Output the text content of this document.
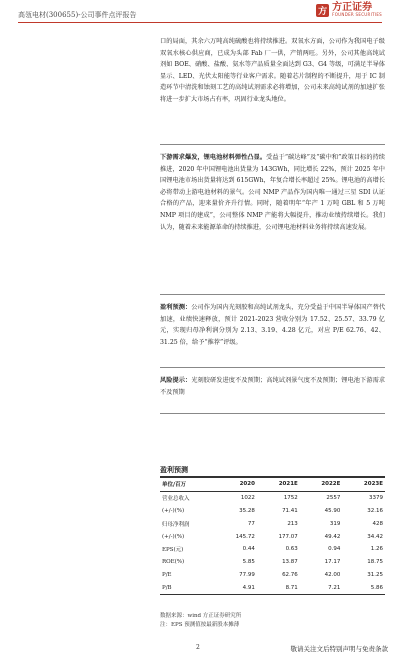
高瓴电材(300655)-公司事件点评报告	方 方正证券
FOUNDER SECURITIES
口的局面，其余六万吨高纯硫酸也将持续推进。双氧水方面，公司作为我国电子级双氧水核心供应商，已成为头部 Fab 厂一供，产销两旺。另外，公司其他高纯试剂如 BOE、硝酸、盐酸、氨水等产品质量全面达到 G3、G4 等级，可满足半导体显示、LED、光伏太阳能等行业客户需求。随着芯片制程的不断提升，用于 IC 制造环节中清洗和蚀刻工艺的高纯试剂需求必将增加，公司未来高纯试剂的加速扩张将进一步扩大市场占有率，巩固行业龙头地位。
下游需求爆发，锂电池材料弹性凸显。受益于“碳达峰”及“碳中和”政策目标的持续推进，2020 年中国锂电池出货量为 143GWh，同比增长 22%，预计 2025 年中国锂电池市场出货量将达到 615GWh，年复合增长率超过 25%。锂电池的高增长必将带动上游电池材料的景气。公司 NMP 产品作为国内唯一通过三星 SDI 认证合格的产品，迎来量价齐升行情。同时，随着明年“年产 1 万吨 GBL 和 5 万吨 NMP 项目的建成”，公司整体 NMP 产能将大幅提升，推动业绩持续增长。我们认为，随着未来能源革命的持续推进，公司锂电池材料业务将持续高速发展。
盈利预测：公司作为国内光刻胶和高纯试剂龙头，充分受益于中国半导体国产替代加速，业绩快速释放，预计 2021-2023 营收分别为 17.52、25.57、33.79 亿元，实现归母净利润分别为 2.13、3.19、4.28 亿元，对应 P/E 62.76、42、31.25 倍，给予“推荐”评级。
风险提示：光刻胶研发进度不及预期；高纯试剂景气度不及预期；锂电池下游需求不及预期
盈利预测
单位/百万	2020	2021E	2022E	2023E
营业总收入	1022	1752	2557	3379
(+/-)(%)	35.28	71.41	45.90	32.16
归母净利润	77	213	319	428
(+/-)(%)	145.72	177.07	49.42	34.42
EPS(元)	0.44	0.63	0.94	1.26
ROE(%)	5.85	13.87	17.17	18.75
P/E	77.99	62.76	42.00	31.25
P/B	4.91	8.71	7.21	5.86
数据来源：wind 方正证券研究所
注：EPS 预测值按最新股本摊薄
2	敬请关注文后特别声明与免责条款
